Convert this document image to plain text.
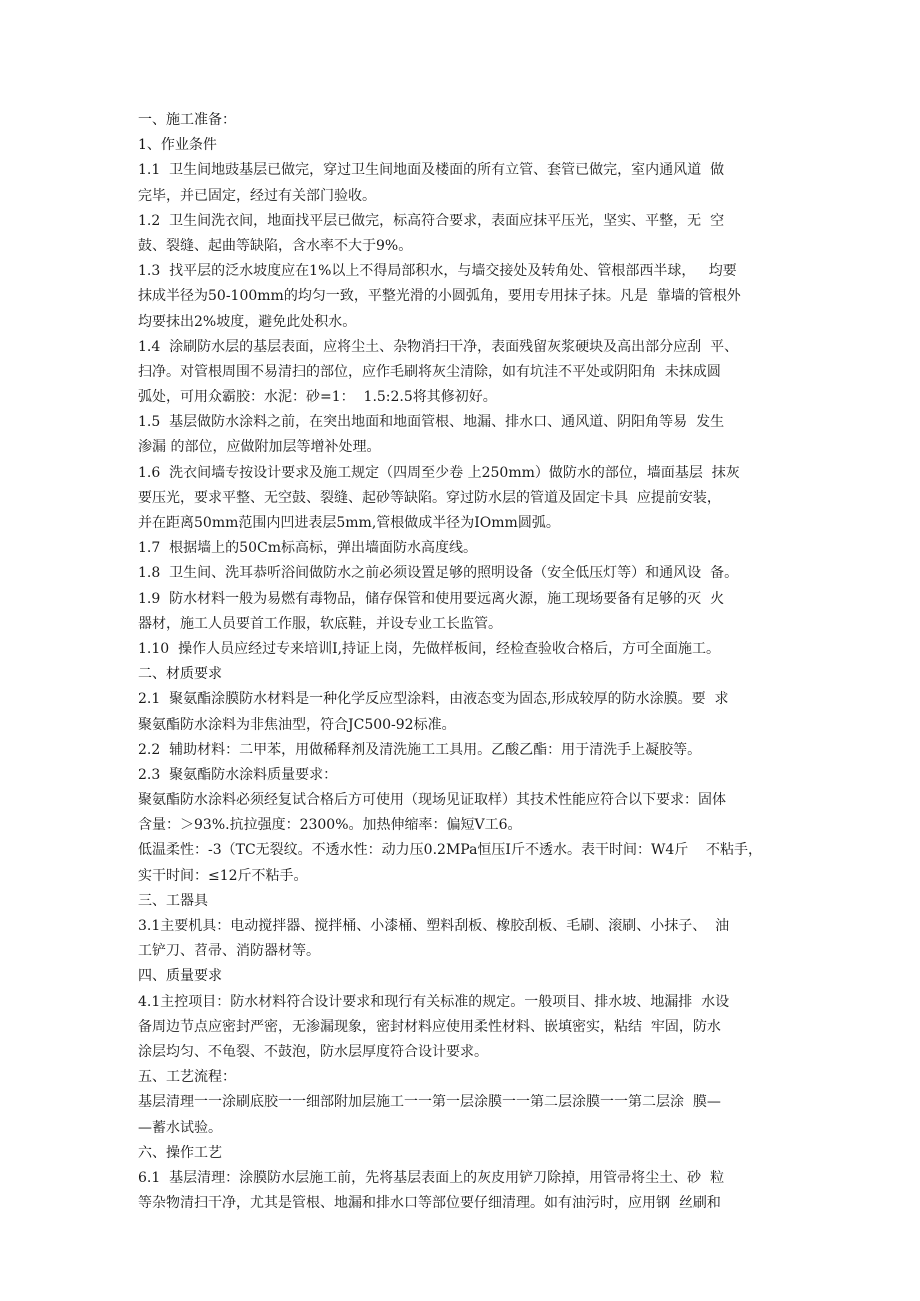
一、施工准备：
1、作业条件
1.1  卫生间地豉基层已做完，穿过卫生间地面及楼面的所有立管、套管已做完，室内通风道  做
完毕，并已固定，经过有关部门验收。
1.2  卫生间洗衣间，地面找平层已做完，标高符合要求，表面应抹平压光，坚实、平整，无  空
鼓、裂缝、起曲等缺陷，含水率不大于9%。
1.3  找平层的泛水坡度应在1%以上不得局部积水，与墙交接处及转角处、管根部西半球，   均要
抹成半径为50-100mm的均匀一致，平整光滑的小圆弧角，要用专用抹子抹。凡是  靠墙的管根外
均要抹出2%坡度，避免此处积水。
1.4  涂刷防水层的基层表面，应将尘土、杂物消扫干净，表面残留灰浆硬块及高出部分应刮  平、
扫净。对管根周围不易清扫的部位，应作毛刷将灰尘清除，如有坑洼不平处或阴阳角  未抹成圆
弧处，可用众霸胶：水泥：砂=1：  1.5:2.5将其修初好。
1.5  基层做防水涂料之前，在突出地面和地面管根、地漏、排水口、通风道、阴阳角等易  发生
渗漏 的部位，应做附加层等增补处理。
1.6  洗衣间墙专按设计要求及施工规定（四周至少卷 上250mm）做防水的部位，墙面基层  抹灰
要压光，要求平整、无空鼓、裂缝、起砂等缺陷。穿过防水层的管道及固定卡具  应提前安装，
并在距离50mm范围内凹进表层5mm,管根做成半径为IOmm圆弧。
1.7  根据墙上的50Cm标高标，弹出墙面防水高度线。
1.8  卫生间、洗耳恭听浴间做防水之前必须设置足够的照明设备（安全低压灯等）和通风设  备。
1.9  防水材料一般为易燃有毒物品，储存保管和使用要远离火源，施工现场要备有足够的灭  火
器材，施工人员要首工作服，软底鞋，并设专业工长监管。
1.10  操作人员应经过专来培训I,持证上岗，先做样板间，经检查验收合格后，方可全面施工。
二、材质要求
2.1  聚氨酯涂膜防水材料是一种化学反应型涂料，由液态变为固态,形成较厚的防水涂膜。要  求
聚氨酯防水涂料为非焦油型，符合JC500-92标准。
2.2  辅助材料：二甲苯，用做稀释剂及清洗施工工具用。乙酸乙酯：用于清洗手上凝胶等。
2.3  聚氨酯防水涂料质量要求：
聚氨酯防水涂料必须经复试合格后方可使用（现场见证取样）其技术性能应符合以下要求：固体
含量：＞93%.抗拉强度：2300%。加热伸缩率：偏短V工6。
低温柔性：-3（TC无裂纹。不透水性：动力压0.2MPa恒压I斤不透水。表干时间：W4斤    不粘手，
实干时间：≤12斤不粘手。
三、工器具
3.1主要机具：电动搅拌器、搅拌桶、小漆桶、塑料刮板、橡胶刮板、毛刷、滚刷、小抹子、  油
工铲刀、苕帚、消防器材等。
四、质量要求
4.1主控项目：防水材料符合设计要求和现行有关标准的规定。一般项目、排水坡、地漏排  水设
备周边节点应密封严密，无渗漏现象，密封材料应使用柔性材料、嵌填密实，粘结  牢固，防水
涂层均匀、不龟裂、不鼓泡，防水层厚度符合设计要求。
五、工艺流程：
基层清理一一涂刷底胶一一细部附加层施工一一第一层涂膜一一第二层涂膜一一第二层涂  膜—
—蓄水试验。
六、操作工艺
6.1  基层清理：涂膜防水层施工前，先将基层表面上的灰皮用铲刀除掉，用管帚将尘土、砂  粒
等杂物清扫干净，尤其是管根、地漏和排水口等部位要仔细清理。如有油污时，应用钢  丝刷和
